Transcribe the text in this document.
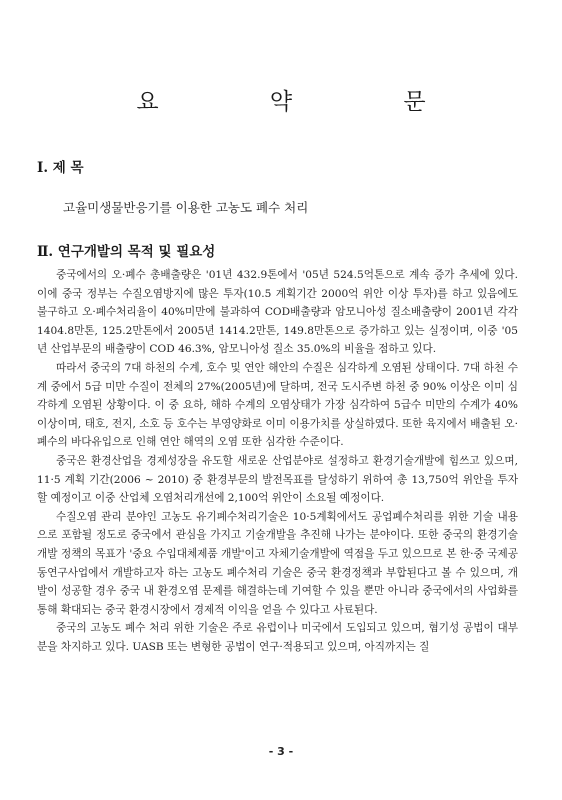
요 약 문
Ⅰ. 제 목
고율미생물반응기를 이용한 고농도 폐수 처리
Ⅱ. 연구개발의 목적 및 필요성

중국에서의 오·폐수 총배출량은 '01년 432.9톤에서 '05년 524.5억톤으로 계속 증가 추세에 있다. 이에 중국 정부는 수질오염방지에 많은 투자(10.5 계획기간 2000억 위안 이상 투자)를 하고 있음에도 불구하고 오·폐수처리율이 40%미만에 불과하여 COD배출량과 암모니아성 질소배출량이 2001년 각각 1404.8만톤, 125.2만톤에서 2005년 1414.2만톤, 149.8만톤으로 증가하고 있는 실정이며, 이중 '05년 산업부문의 배출량이 COD 46.3%, 암모니아성 질소 35.0%의 비율을 점하고 있다.

따라서 중국의 7대 하천의 수계, 호수 및 연안 해안의 수질은 심각하게 오염된 상태이다. 7대 하천 수계 중에서 5급 미만 수질이 전체의 27%(2005년)에 달하며, 전국 도시주변 하천 중 90% 이상은 이미 심각하게 오염된 상황이다. 이 중 요하, 해하 수계의 오염상태가 가장 심각하여 5급수 미만의 수계가 40% 이상이며, 태호, 전지, 소호 등 호수는 부영양화로 이미 이용가치를 상실하였다. 또한 육지에서 배출된 오·폐수의 바다유입으로 인해 연안 해역의 오염 또한 심각한 수준이다.

중국은 환경산업을 경제성장을 유도할 새로운 산업분야로 설정하고 환경기술개발에 힘쓰고 있으며, 11·5 계획 기간(2006 ~ 2010) 중 환경부문의 발전목표를 달성하기 위하여 총 13,750억 위안을 투자할 예정이고 이중 산업체 오염처리개선에 2,100억 위안이 소요될 예정이다.

수질오염 관리 분야인 고농도 유기폐수처리기술은 10·5계획에서도 공업폐수처리를 위한 기술 내용으로 포함될 정도로 중국에서 관심을 가지고 기술개발을 추진해 나가는 분야이다. 또한 중국의 환경기술 개발 정책의 목표가 '중요 수입대체제품 개발'이고 자체기술개발에 역점을 두고 있으므로 본 한·중 국제공동연구사업에서 개발하고자 하는 고농도 폐수처리 기술은 중국 환경정책과 부합된다고 볼 수 있으며, 개발이 성공할 경우 중국 내 환경오염 문제를 해결하는데 기여할 수 있을 뿐만 아니라 중국에서의 사업화를 통해 확대되는 중국 환경시장에서 경제적 이익을 얻을 수 있다고 사료된다.

중국의 고농도 폐수 처리 위한 기술은 주로 유럽이나 미국에서 도입되고 있으며, 혐기성 공법이 대부분을 차지하고 있다. UASB 또는 변형한 공법이 연구·적용되고 있으며, 아직까지는 질

- 3 -
